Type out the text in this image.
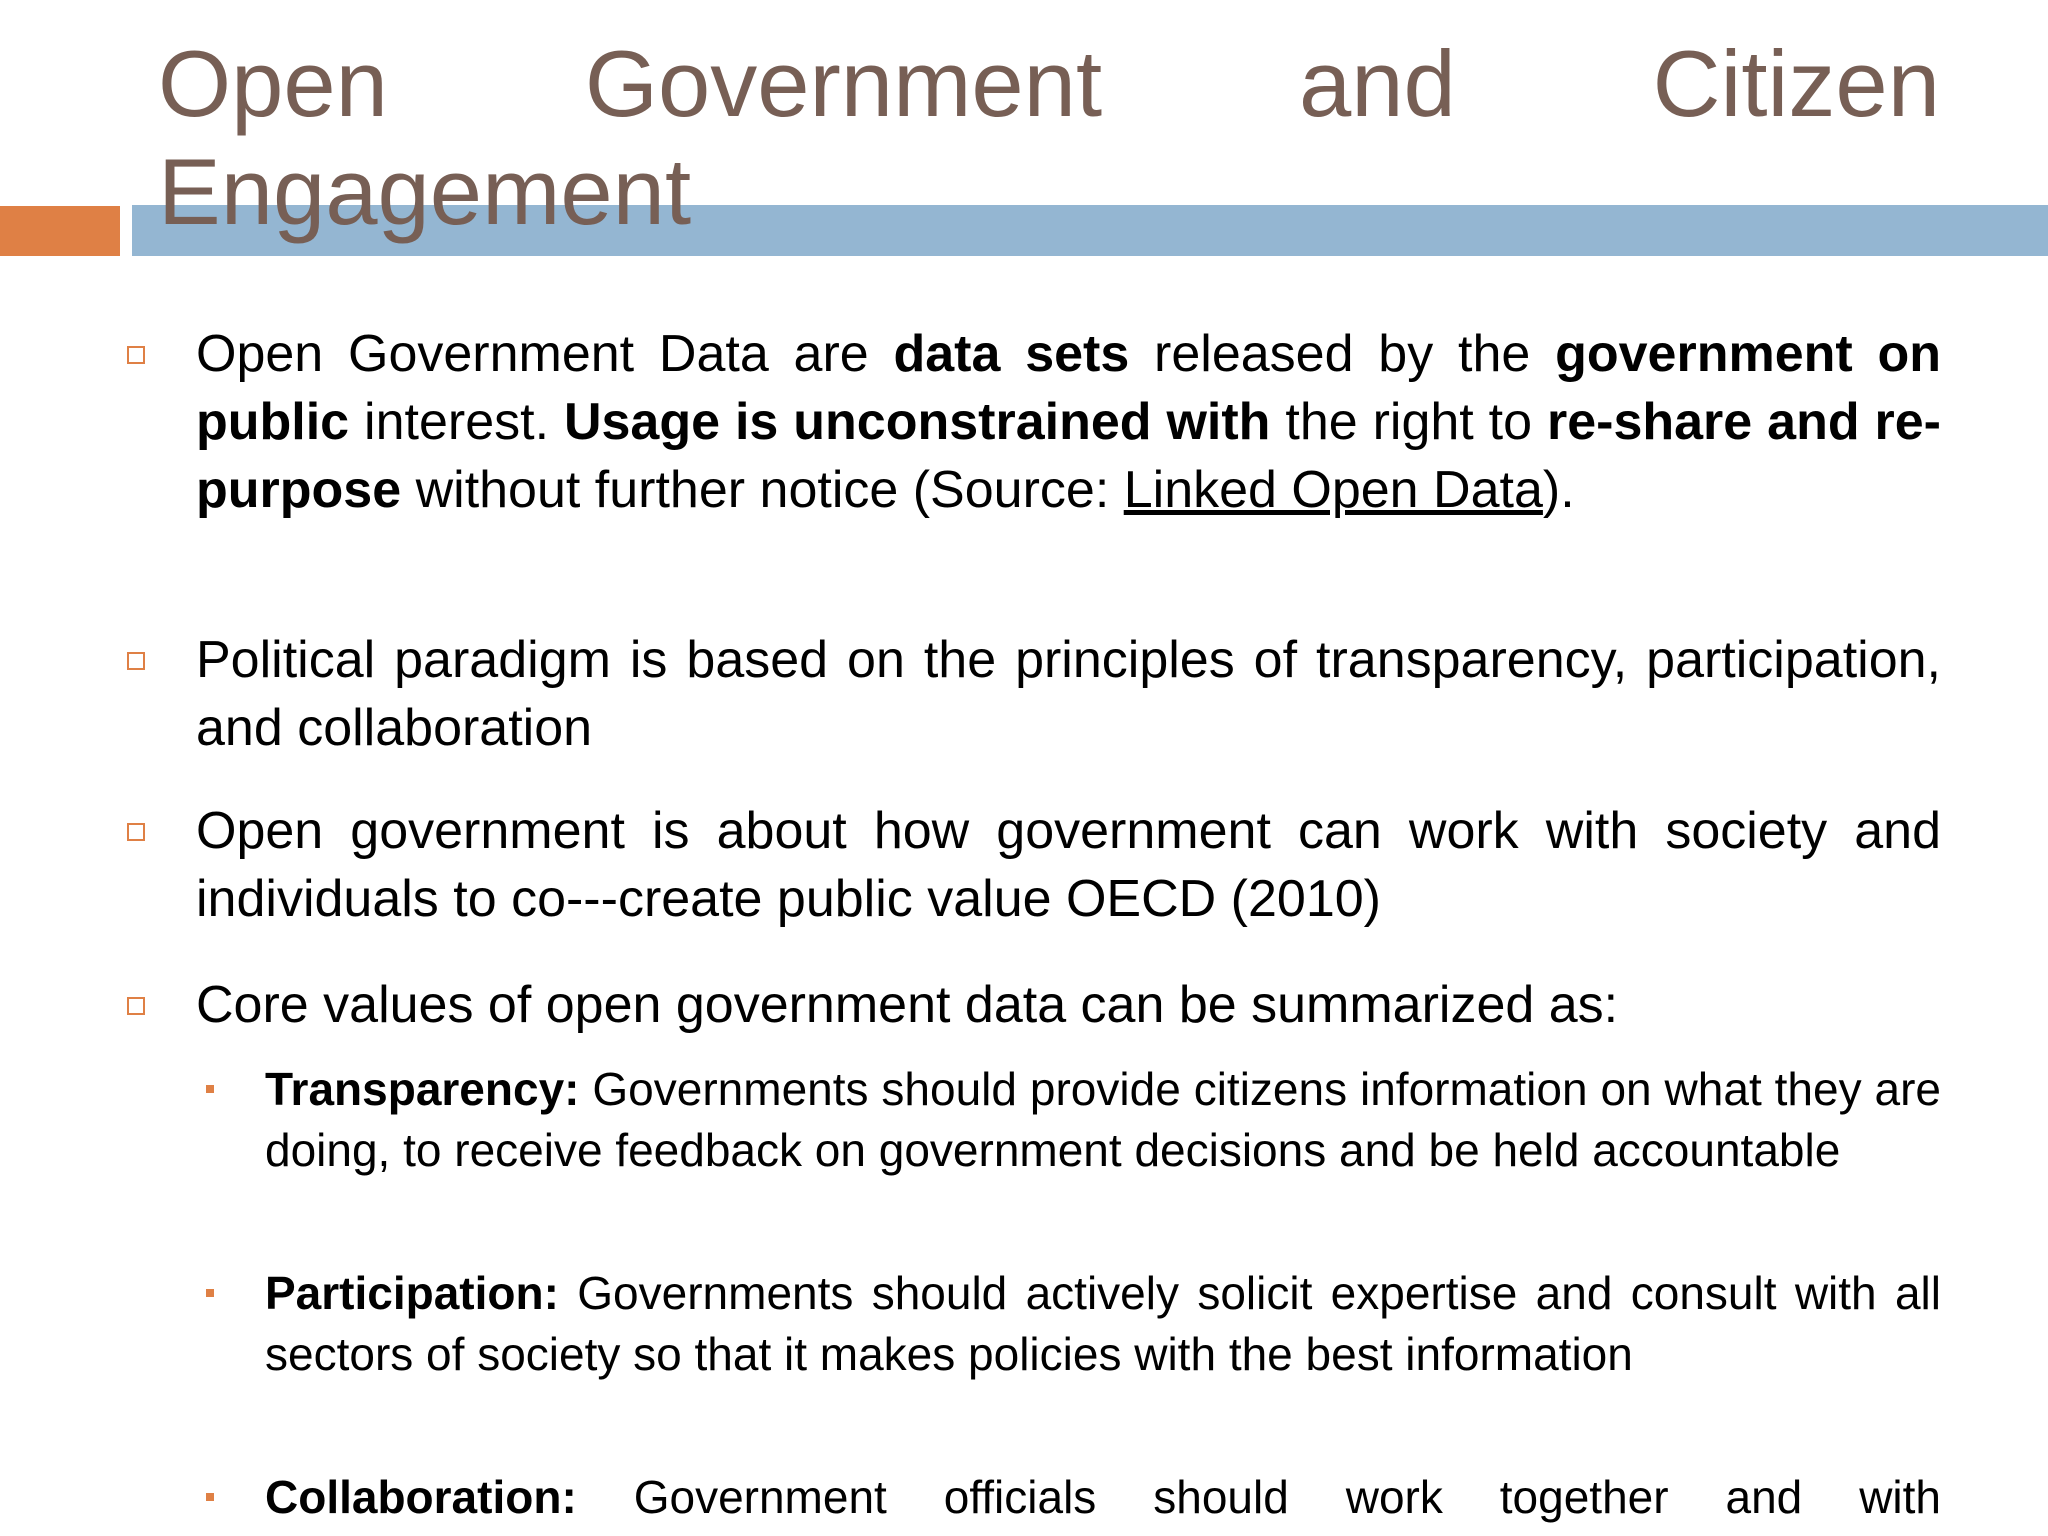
Open Government and Citizen Engagement

Open Government Data are data sets released by the government on public interest. Usage is unconstrained with the right to re-share and re-purpose without further notice (Source: Linked Open Data).

Political paradigm is based on the principles of transparency, participation, and collaboration

Open government is about how government can work with society and individuals to co---create public value OECD (2010)

Core values of open government data can be summarized as:

Transparency: Governments should provide citizens information on what they are doing, to receive feedback on government decisions and be held accountable

Participation: Governments should actively solicit expertise and consult with all sectors of society so that it makes policies with the best information

Collaboration: Government officials should work together and with
